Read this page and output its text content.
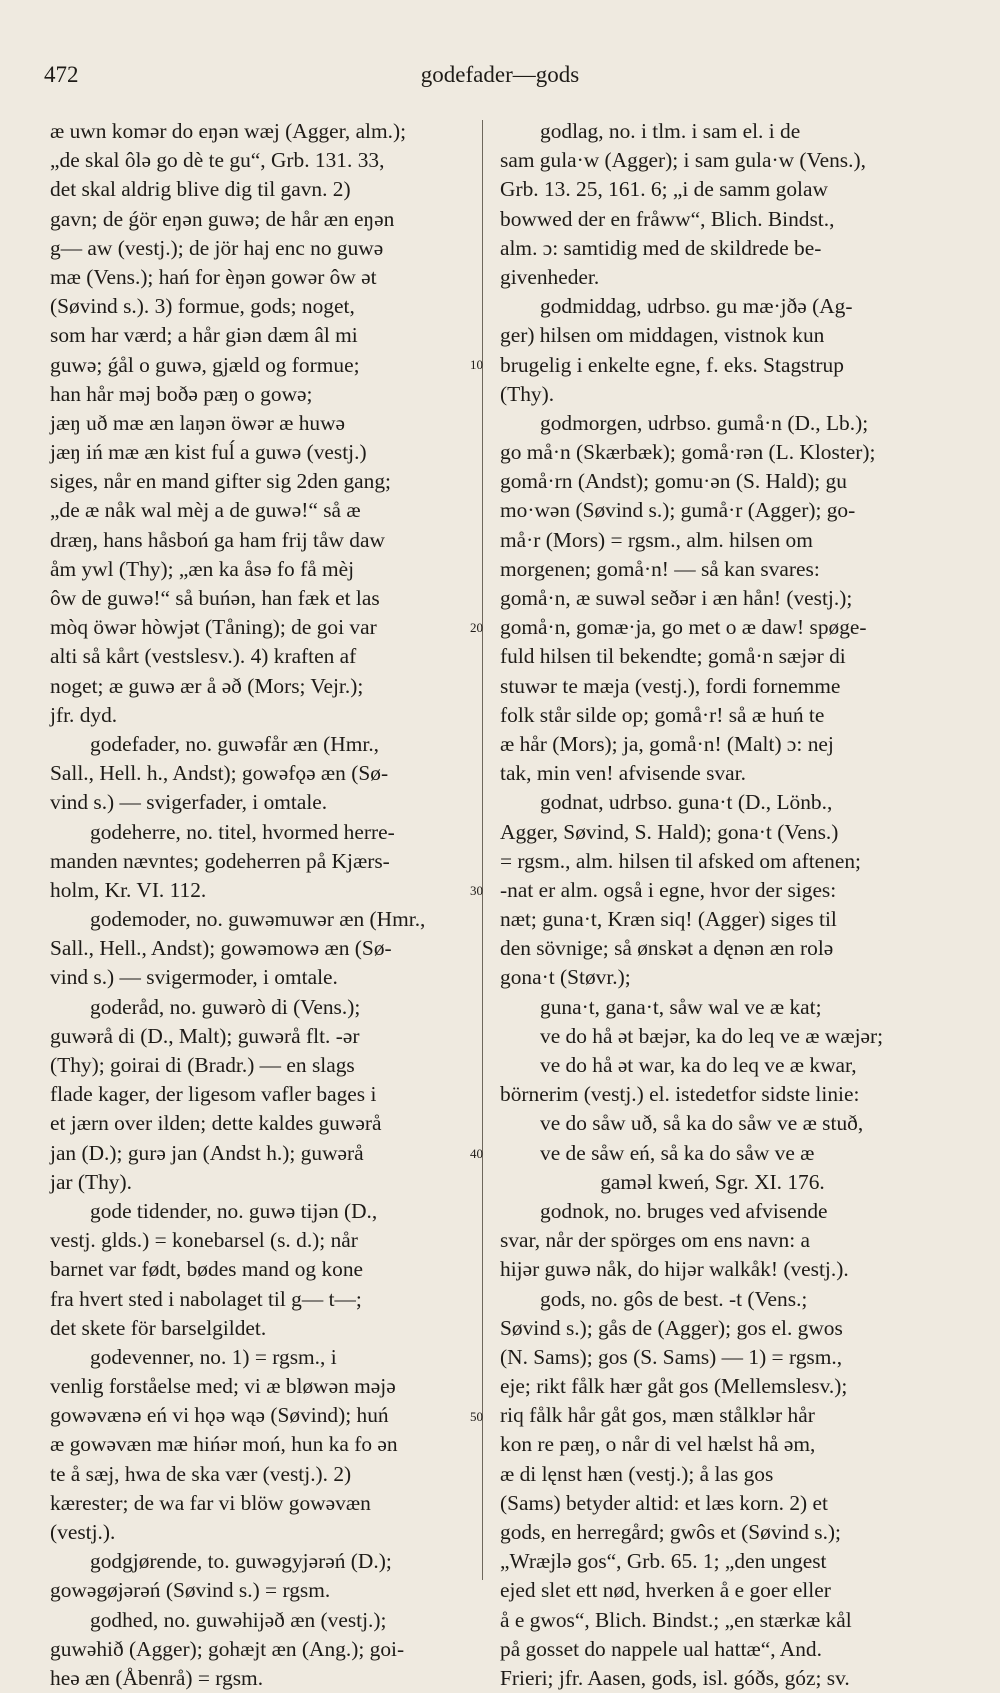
472	godefader—gods
æ uwn komər do eŋən wæj (Agger, alm.);
„de skal ôlə go dè te gu“, Grb. 131. 33,
det skal aldrig blive dig til gavn. 2)
gavn; de ǵör eŋən guwə; de hår æn eŋən
g— aw (vestj.); de jör haj enc no guwə
mæ (Vens.); hań for èŋən gowər ôw ət
(Søvind s.). 3) formue, gods; noget,
som har værd; a hår giən dæm âl mi
guwə; ǵål o guwə, gjæld og formue;
han hår məj boðə pæŋ o gowə;
jæŋ uð mæ æn laŋən öwər æ huwə
jæŋ iń mæ æn kist fuĺ a guwə (vestj.)
siges, når en mand gifter sig 2den gang;
„de æ nåk wal mèj a de guwə!“ så æ
dræŋ, hans håsboń ga ham frij tåw daw
åm ywl (Thy); „æn ka åsə fo få mèj
ôw de guwə!“ så buńən, han fæk et las
mòq öwər hòwjət (Tåning); de goi var
alti så kårt (vestslesv.). 4) kraften af
noget; æ guwə ær å əð (Mors; Vejr.);
jfr. dyd.
godefader, no. guwəfår æn (Hmr.,
Sall., Hell. h., Andst); gowəfǫə æn (Sø-
vind s.) — svigerfader, i omtale.
godeherre, no. titel, hvormed herre-
manden nævntes; godeherren på Kjærs-
holm, Kr. VI. 112.
godemoder, no. guwəmuwər æn (Hmr.,
Sall., Hell., Andst); gowəmowə æn (Sø-
vind s.) — svigermoder, i omtale.
goderåd, no. guwərò di (Vens.);
guwərå di (D., Malt); guwərå flt. -ər
(Thy); goirai di (Bradr.) — en slags
flade kager, der ligesom vafler bages i
et jærn over ilden; dette kaldes guwərå
jan (D.); gurə jan (Andst h.); guwərå
jar (Thy).
gode tidender, no. guwə tiјən (D.,
vestj. glds.) = konebarsel (s. d.); når
barnet var født, bødes mand og kone
fra hvert sted i nabolaget til g— t—;
det skete för barselgildet.
godevenner, no. 1) = rgsm., i
venlig forståelse med; vi æ bløwən məjə
gowəvænə eń vi hǫə wąə (Søvind); huń
æ gowəvæn mæ hińər moń, hun ka fo ən
te å sæj, hwa de ska vær (vestj.). 2)
kærester; de wa far vi blöw gowəvæn
(vestj.).
godgjørende, to. guwəgyjərəń (D.);
gowəgøjərəń (Søvind s.) = rgsm.
godhed, no. guwəhiјəð æn (vestj.);
guwəhið (Agger); gohæjt æn (Ang.); goi-
heə æn (Åbenrå) = rgsm.
godlag, no. i tlm. i sam el. i de
sam gula·w (Agger); i sam gula·w (Vens.),
Grb. 13. 25, 161. 6; „i de samm golaw
bowwed der en fråww“, Blich. Bindst.,
alm. ɔ: samtidig med de skildrede be-
givenheder.
godmiddag, udrbso. gu mæ·jðə (Ag-
ger) hilsen om middagen, vistnok kun
brugelig i enkelte egne, f. eks. Stagstrup
(Thy).
godmorgen, udrbso. gumå·n (D., Lb.);
go må·n (Skærbæk); gomå·rən (L. Kloster);
gomå·rn (Andst); gomu·ən (S. Hald); gu
mo·wən (Søvind s.); gumå·r (Agger); go-
må·r (Mors) = rgsm., alm. hilsen om
morgenen; gomå·n! — så kan svares:
gomå·n, æ suwəl seðər i æn hån! (vestj.);
gomå·n, gomæ·ja, go met o æ daw! spøge-
fuld hilsen til bekendte; gomå·n sæjər di
stuwər te mæja (vestj.), fordi fornemme
folk står silde op; gomå·r! så æ huń te
æ hår (Mors); ja, gomå·n! (Malt) ɔ: nej
tak, min ven! afvisende svar.
godnat, udrbso. guna·t (D., Lönb.,
Agger, Søvind, S. Hald); gona·t (Vens.)
= rgsm., alm. hilsen til afsked om aftenen;
-nat er alm. også i egne, hvor der siges:
næt; guna·t, Kræn siq! (Agger) siges til
den sövnige; så ønskət a dęnən æn rolə
gona·t (Støvr.);
guna·t, gana·t, såw wal ve æ kat;
ve do hå ət bæjər, ka do leq ve æ wæjər;
ve do hå ət war, ka do leq ve æ kwar,
börnerim (vestj.) el. istedetfor sidste linie:
ve do såw uð, så ka do såw ve æ stuð,
ve de såw eń, så ka do såw ve æ
gaməl kweń, Sgr. XI. 176.
godnok, no. bruges ved afvisende
svar, når der spörges om ens navn: a
hijər guwə nåk, do hijər walkåk! (vestj.).
gods, no. gôs de best. -t (Vens.;
Søvind s.); gås de (Agger); gos el. gwos
(N. Sams); gos (S. Sams) — 1) = rgsm.,
eje; rikt fålk hær gåt gos (Mellemslesv.);
riq fålk hår gåt gos, mæn stålklər hår
kon re pæŋ, o når di vel hælst hå əm,
æ di lęnst hæn (vestj.); å las gos
(Sams) betyder altid: et læs korn. 2) et
gods, en herregård; gwôs et (Søvind s.);
„Wræjlə gos“, Grb. 65. 1; „den ungest
ejed slet ett nød, hverken å e goer eller
å e gwos“, Blich. Bindst.; „en stærkæ kål
på gosset do nappele ual hattæ“, And.
Frieri; jfr. Aasen, gods, isl. góðs, góz; sv.
10
20
30
40
50
